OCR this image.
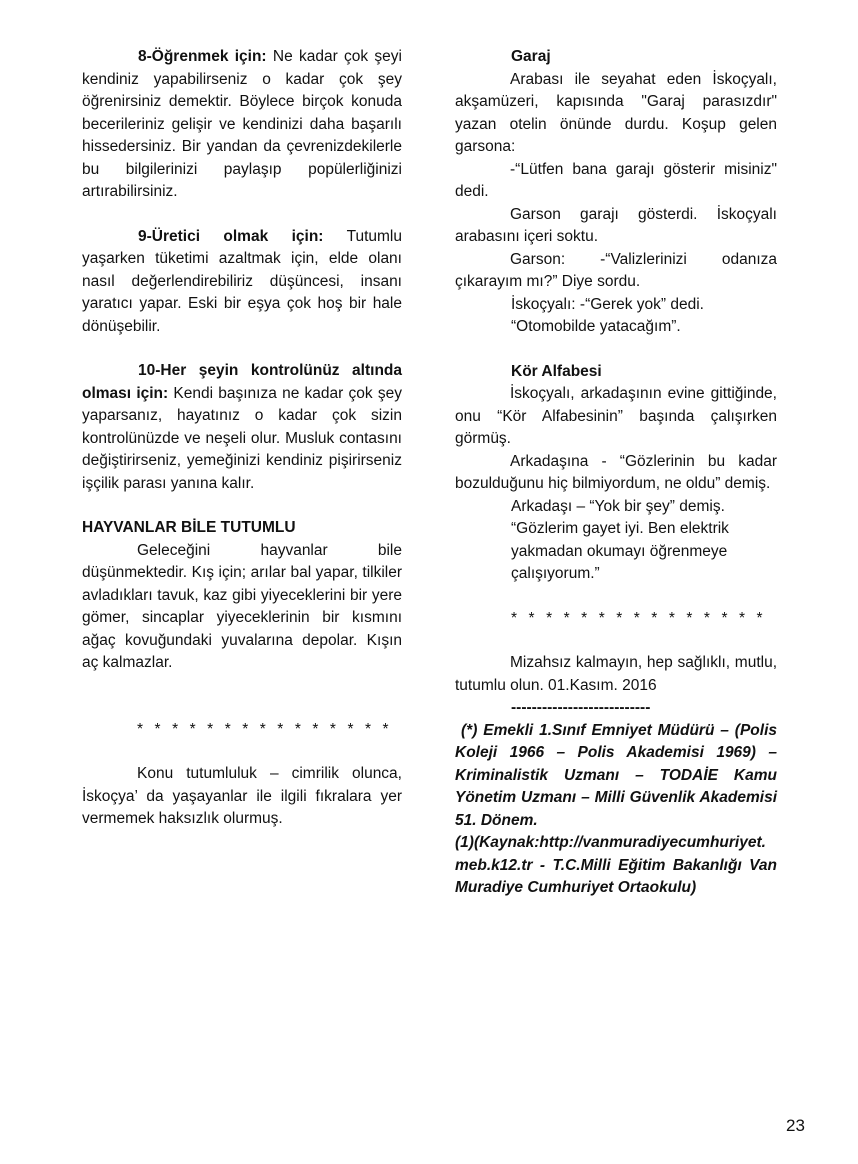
8-Öğrenmek için: Ne kadar çok şeyi kendiniz yapabilirseniz o kadar çok şey öğrenirsiniz demektir. Böylece birçok konuda becerileriniz gelişir ve kendinizi daha başarılı hissedersiniz. Bir yandan da çevrenizdekilerle bu bilgilerinizi paylaşıp popülerliğinizi artırabilirsiniz.

9-Üretici olmak için: Tutumlu yaşarken tüketimi azaltmak için, elde olanı nasıl değerlendirebiliriz düşüncesi, insanı yaratıcı yapar. Eski bir eşya çok hoş bir hale dönüşebilir.

10-Her şeyin kontrolünüz altında olması için: Kendi başınıza ne kadar çok şey yaparsanız, hayatınız o kadar çok sizin kontrolünüzde ve neşeli olur. Musluk contasını değiştirirseniz, yemeğinizi kendiniz pişirirseniz işçilik parası yanına kalır.

HAYVANLAR BİLE TUTUMLU

Geleceğini hayvanlar bile düşünmektedir. Kış için; arılar bal yapar, tilkiler avladıkları tavuk, kaz gibi yiyeceklerini bir yere gömer, sincaplar yiyeceklerinin bir kısmını ağaç kovuğundaki yuvalarına depolar. Kışın aç kalmazlar.

* * * * * * * * * * * * * * *

Konu tutumluluk – cimrilik olunca, İskoçya’ da yaşayanlar ile ilgili fıkralara yer vermemek haksızlık olurmuş.

Garaj

Arabası ile seyahat eden İskoçyalı, akşamüzeri, kapısında "Garaj parasızdır" yazan otelin önünde durdu. Koşup gelen garsona:

-“Lütfen bana garajı gösterir misiniz" dedi.

Garson garajı gösterdi. İskoçyalı arabasını içeri soktu.

Garson: -“Valizlerinizi odanıza çıkarayım mı?” Diye sordu.

İskoçyalı: -“Gerek yok” dedi.

“Otomobilde yatacağım”.

Kör Alfabesi

İskoçyalı, arkadaşının evine gittiğinde, onu “Kör Alfabesinin” başında çalışırken görmüş.

Arkadaşına - “Gözlerinin bu kadar bozulduğunu hiç bilmiyordum, ne oldu” demiş.

Arkadaşı – “Yok bir şey” demiş.

“Gözlerim gayet iyi. Ben elektrik yakmadan okumayı öğrenmeye çalışıyorum.”

* * * * * * * * * * * * * * *

Mizahsız kalmayın, hep sağlıklı, mutlu, tutumlu olun. 01.Kasım. 2016

---------------------------

(*) Emekli 1.Sınıf Emniyet Müdürü – (Polis Koleji 1966 – Polis Akademisi 1969) – Kriminalistik Uzmanı – TODAİE Kamu Yönetim Uzmanı – Milli Güvenlik Akademisi 51. Dönem.

(1)(Kaynak:http://vanmuradiyecumhuriyet.meb.k12.tr - T.C.Milli Eğitim Bakanlığı Van Muradiye Cumhuriyet Ortaokulu)

23
